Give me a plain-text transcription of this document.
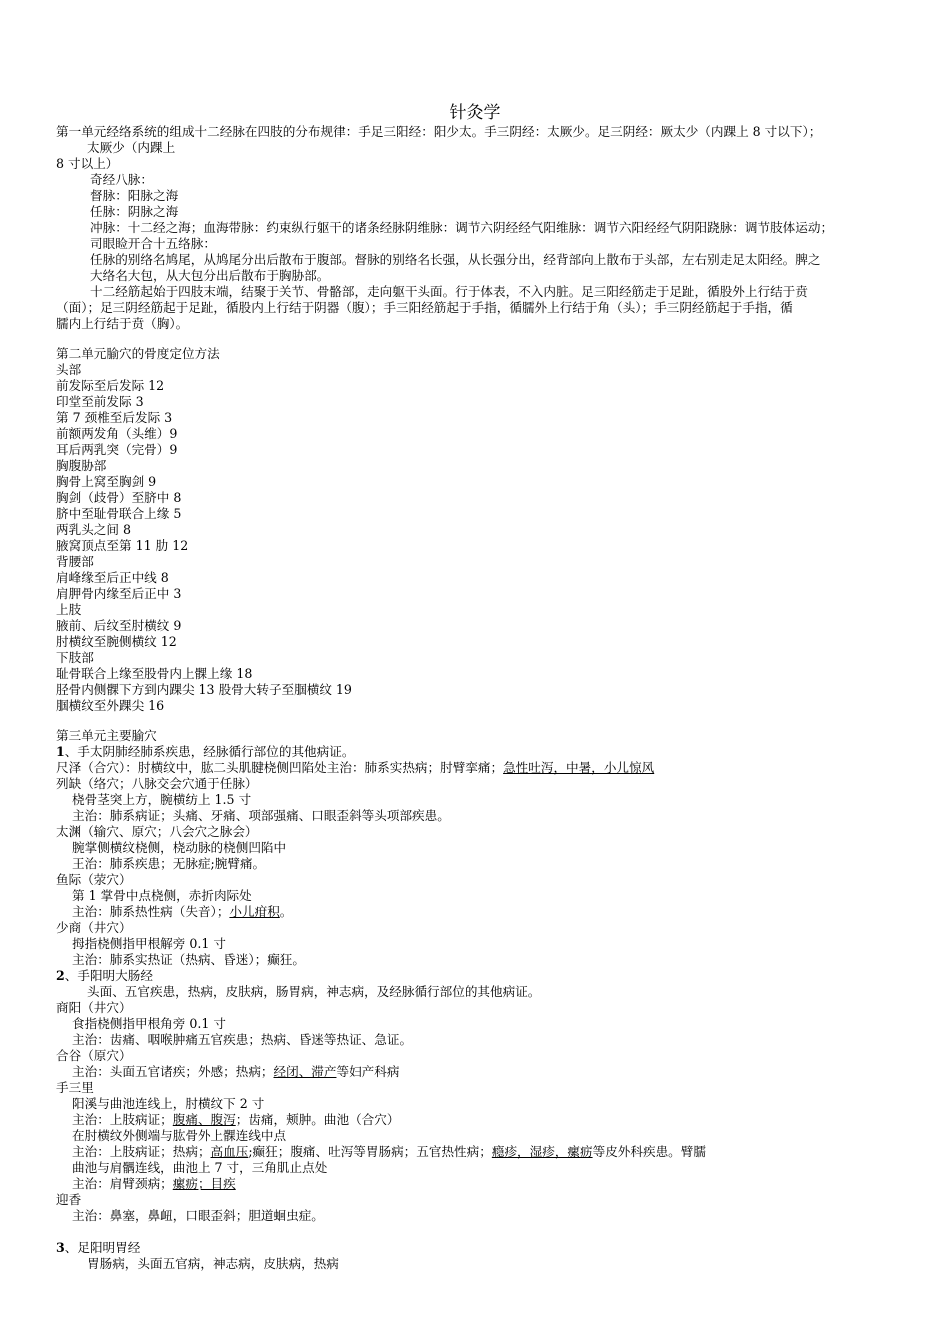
针灸学
第一单元经络系统的组成十二经脉在四肢的分布规律：手足三阳经：阳少太。手三阴经：太厥少。足三阴经：厥太少（内踝上 8 寸以下）；
太厥少（内踝上
8 寸以上）
奇经八脉：
督脉：阳脉之海
任脉：阴脉之海
冲脉：十二经之海；血海带脉：约束纵行躯干的诸条经脉阴维脉：调节六阴经经气阳维脉：调节六阳经经气阴阳跷脉：调节肢体运动；
司眼睑开合十五络脉：
任脉的别络名鸠尾，从鸠尾分出后散布于腹部。督脉的别络名长强，从长强分出，经背部向上散布于头部，左右别走足太阳经。脾之
大络名大包，从大包分出后散布于胸胁部。
十二经筋起始于四肢末端，结聚于关节、骨骼部，走向躯干头面。行于体表，不入内脏。足三阳经筋走于足趾，循股外上行结于贲
（面）；足三阴经筋起于足趾，循股内上行结于阴器（腹）；手三阳经筋起于手指，循臑外上行结于角（头）；手三阴经筋起于手指，循
臑内上行结于贲（胸）。
第二单元腧穴的骨度定位方法
头部
前发际至后发际 12
印堂至前发际 3
第 7 颈椎至后发际 3
前额两发角（头维）9
耳后两乳突（完骨）9
胸腹胁部
胸骨上窝至胸剑 9
胸剑（歧骨）至脐中 8
脐中至耻骨联合上缘 5
两乳头之间 8
腋窝顶点至第 11 肋 12
背腰部
肩峰缘至后正中线 8
肩胛骨内缘至后正中 3
上肢
腋前、后纹至肘横纹 9
肘横纹至腕侧横纹 12
下肢部
耻骨联合上缘至股骨内上髁上缘 18
胫骨内侧髁下方到内踝尖 13 股骨大转子至腘横纹 19
腘横纹至外踝尖 16
第三单元主要腧穴
1、手太阴肺经肺系疾患，经脉循行部位的其他病证。
尺泽（合穴）：肘横纹中，肱二头肌腱桡侧凹陷处主治：肺系实热病；肘臂挛痛；急性吐泻，中暑，小儿惊风
列缺（络穴；八脉交会穴通于任脉）
桡骨茎突上方，腕横纺上 1.5 寸
主治：肺系病证；头痛、牙痛、项部强痛、口眼歪斜等头项部疾患。
太渊（输穴、原穴；八会穴之脉会）
腕掌侧横纹桡侧，桡动脉的桡侧凹陷中
王治：肺系疾患；无脉症;腕臂痛。
鱼际（荥穴）
第 1 掌骨中点桡侧，赤折肉际处
主治：肺系热性病（失音）；小儿疳积。
少商（井穴）
拇指桡侧指甲根解旁 0.1 寸
主治：肺系实热证（热病、昏迷）；癫狂。
2、手阳明大肠经
头面、五官疾患，热病，皮肤病，肠胃病，神志病，及经脉循行部位的其他病证。
商阳（井穴）
食指桡侧指甲根角旁 0.1 寸
主治：齿痛、咽喉肿痛五官疾患；热病、昏迷等热证、急证。
合谷（原穴）
主治：头面五官诸疾；外感；热病；经闭、滞产等妇产科病
手三里
阳溪与曲池连线上，肘横纹下 2 寸
主治：上肢病证；腹痛、腹泻；齿痛，颊肿。曲池（合穴）
在肘横纹外侧端与肱骨外上髁连线中点
主治：上肢病证；热病；高血压;癫狂；腹痛、吐泻等胃肠病；五官热性病；瘾疹，湿疹，瘰疬等皮外科疾患。臂臑
曲池与肩髃连线，曲池上 7 寸，三角肌止点处
主治：肩臂颈病；瘰疬；目疾
迎香
主治：鼻塞，鼻衄，口眼歪斜；胆道蛔虫症。
3、足阳明胃经
胃肠病，头面五官病，神志病，皮肤病，热病
